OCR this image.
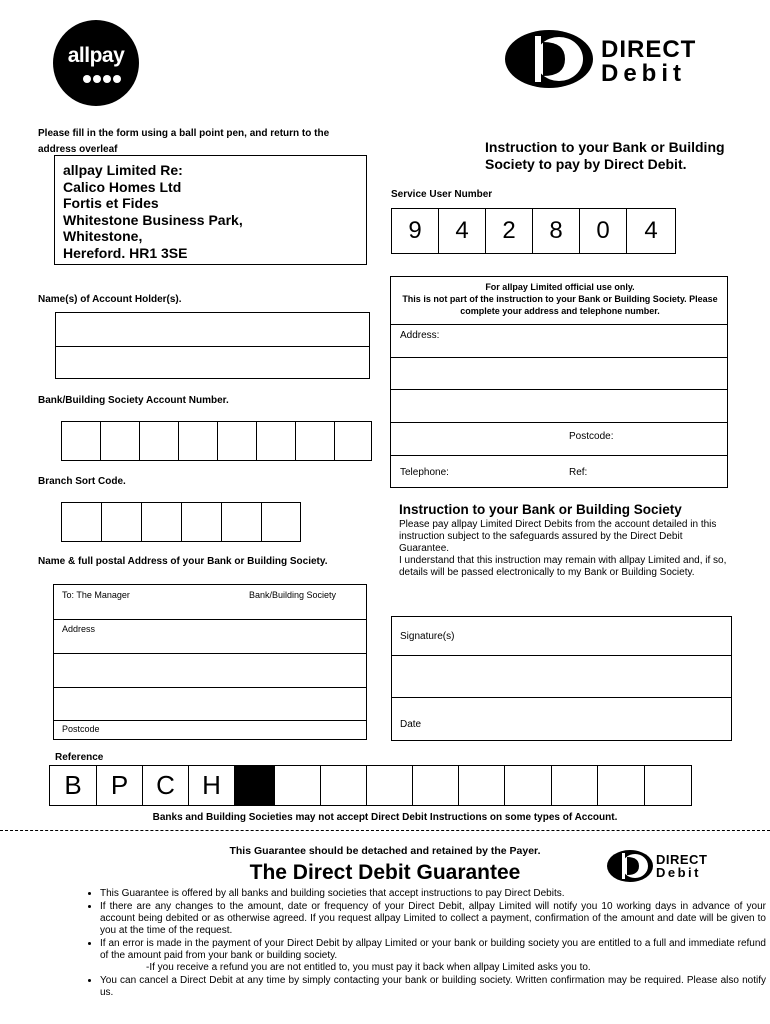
allpay	DIRECT
Debit
Please fill in the form using a ball point pen, and return to the address overleaf	Instruction to your Bank or Building Society to pay by Direct Debit.
allpay Limited Re:
Calico Homes Ltd
Fortis et Fides
Whitestone Business Park,
Whitestone,
Hereford. HR1 3SE
Service User Number
9	4	2	8	0	4
For allpay Limited official use only.
This is not part of the instruction to your Bank or Building Society. Please complete your address and telephone number.
Address:
Postcode:
Telephone:	Ref:
Name(s) of Account Holder(s).
Bank/Building Society Account Number.
Branch Sort Code.
Name & full postal Address of your Bank or Building Society.
To: The Manager	Bank/Building Society
Address
Postcode
Instruction to your Bank or Building Society
Please pay allpay Limited Direct Debits from the account detailed in this instruction subject to the safeguards assured by the Direct Debit Guarantee.
I understand that this instruction may remain with allpay Limited and, if so, details will be passed electronically to my Bank or Building Society.
Signature(s)
Date
Reference
B	P	C	H
Banks and Building Societies may not accept Direct Debit Instructions on some types of Account.
This Guarantee should be detached and retained by the Payer.
The Direct Debit Guarantee
DIRECT
Debit
• This Guarantee is offered by all banks and building societies that accept instructions to pay Direct Debits.
• If there are any changes to the amount, date or frequency of your Direct Debit, allpay Limited will notify you 10 working days in advance of your account being debited or as otherwise agreed. If you request allpay Limited to collect a payment, confirmation of the amount and date will be given to you at the time of the request.
• If an error is made in the payment of your Direct Debit by allpay Limited or your bank or building society you are entitled to a full and immediate refund of the amount paid from your bank or building society.
-If you receive a refund you are not entitled to, you must pay it back when allpay Limited asks you to.
• You can cancel a Direct Debit at any time by simply contacting your bank or building society. Written confirmation may be required. Please also notify us.
